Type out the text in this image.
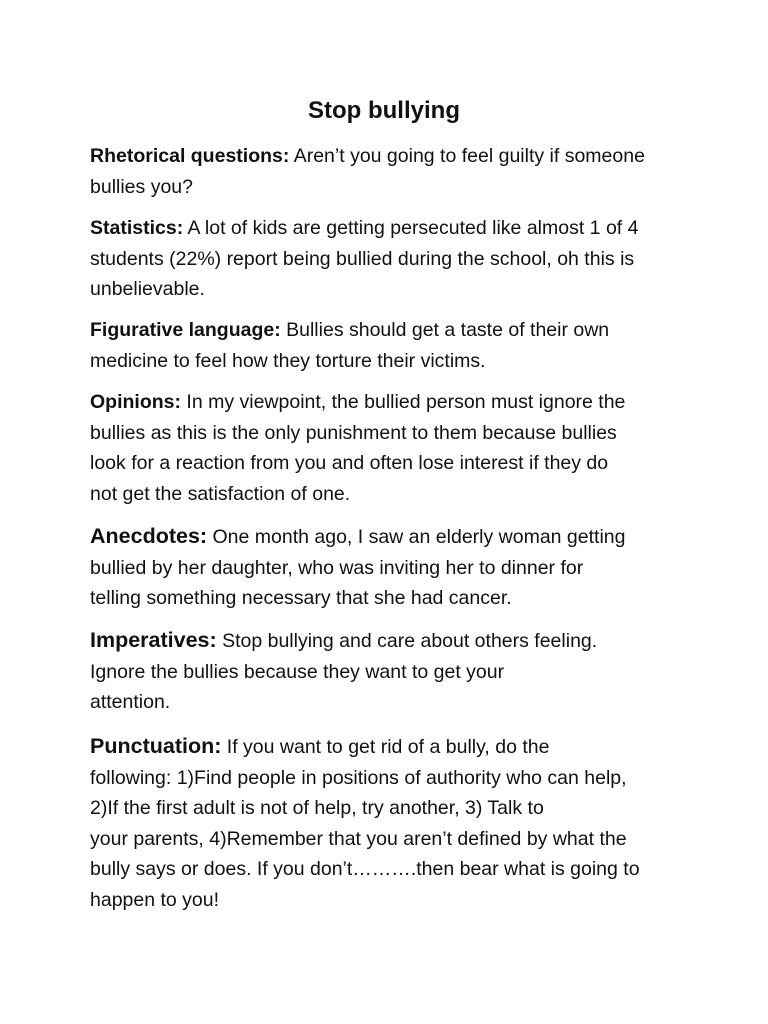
Stop bullying
Rhetorical questions: Aren’t you going to feel guilty if someone
bullies you?
Statistics: A lot of kids are getting persecuted like almost 1 of 4
students (22%) report being bullied during the school, oh this is
unbelievable.
Figurative language: Bullies should get a taste of their own
medicine to feel how they torture their victims.
Opinions: In my viewpoint, the bullied person must ignore the
bullies as this is the only punishment to them because bullies
look for a reaction from you and often lose interest if they do
not get the satisfaction of one.
Anecdotes: One month ago, I saw an elderly woman getting
bullied by her daughter, who was inviting her to dinner for
telling something necessary that she had cancer.
Imperatives: Stop bullying and care about others feeling.
Ignore the bullies because they want to get your
attention.
Punctuation: If you want to get rid of a bully, do the
following: 1)Find people in positions of authority who can help,
2)If the first adult is not of help, try another, 3) Talk to
your parents, 4)Remember that you aren’t defined by what the
bully says or does. If you don’t……….then bear what is going to
happen to you!
